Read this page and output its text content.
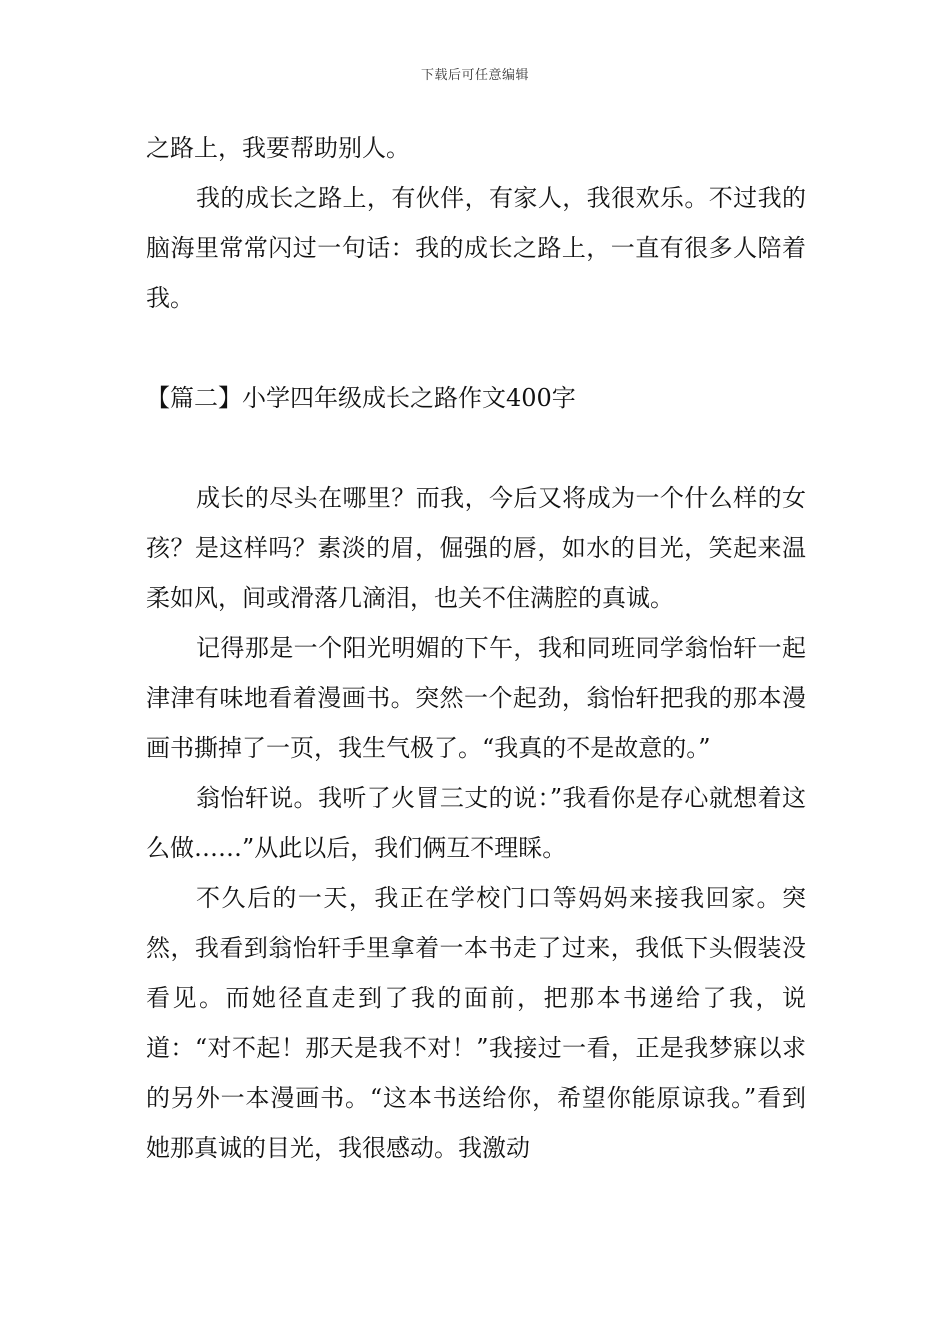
下载后可任意编辑

之路上，我要帮助别人。

我的成长之路上，有伙伴，有家人，我很欢乐。不过我的脑海里常常闪过一句话：我的成长之路上，一直有很多人陪着我。

【篇二】小学四年级成长之路作文400字

成长的尽头在哪里？而我，今后又将成为一个什么样的女孩？是这样吗？素淡的眉，倔强的唇，如水的目光，笑起来温柔如风，间或滑落几滴泪，也关不住满腔的真诚。

记得那是一个阳光明媚的下午，我和同班同学翁怡轩一起津津有味地看着漫画书。突然一个起劲，翁怡轩把我的那本漫画书撕掉了一页，我生气极了。“我真的不是故意的。”

翁怡轩说。我听了火冒三丈的说：”我看你是存心就想着这么做……”从此以后，我们俩互不理睬。

不久后的一天，我正在学校门口等妈妈来接我回家。突然，我看到翁怡轩手里拿着一本书走了过来，我低下头假装没看见。而她径直走到了我的面前，把那本书递给了我，说道：“对不起！那天是我不对！”我接过一看，正是我梦寐以求的另外一本漫画书。“这本书送给你，希望你能原谅我。”看到她那真诚的目光，我很感动。我激动
